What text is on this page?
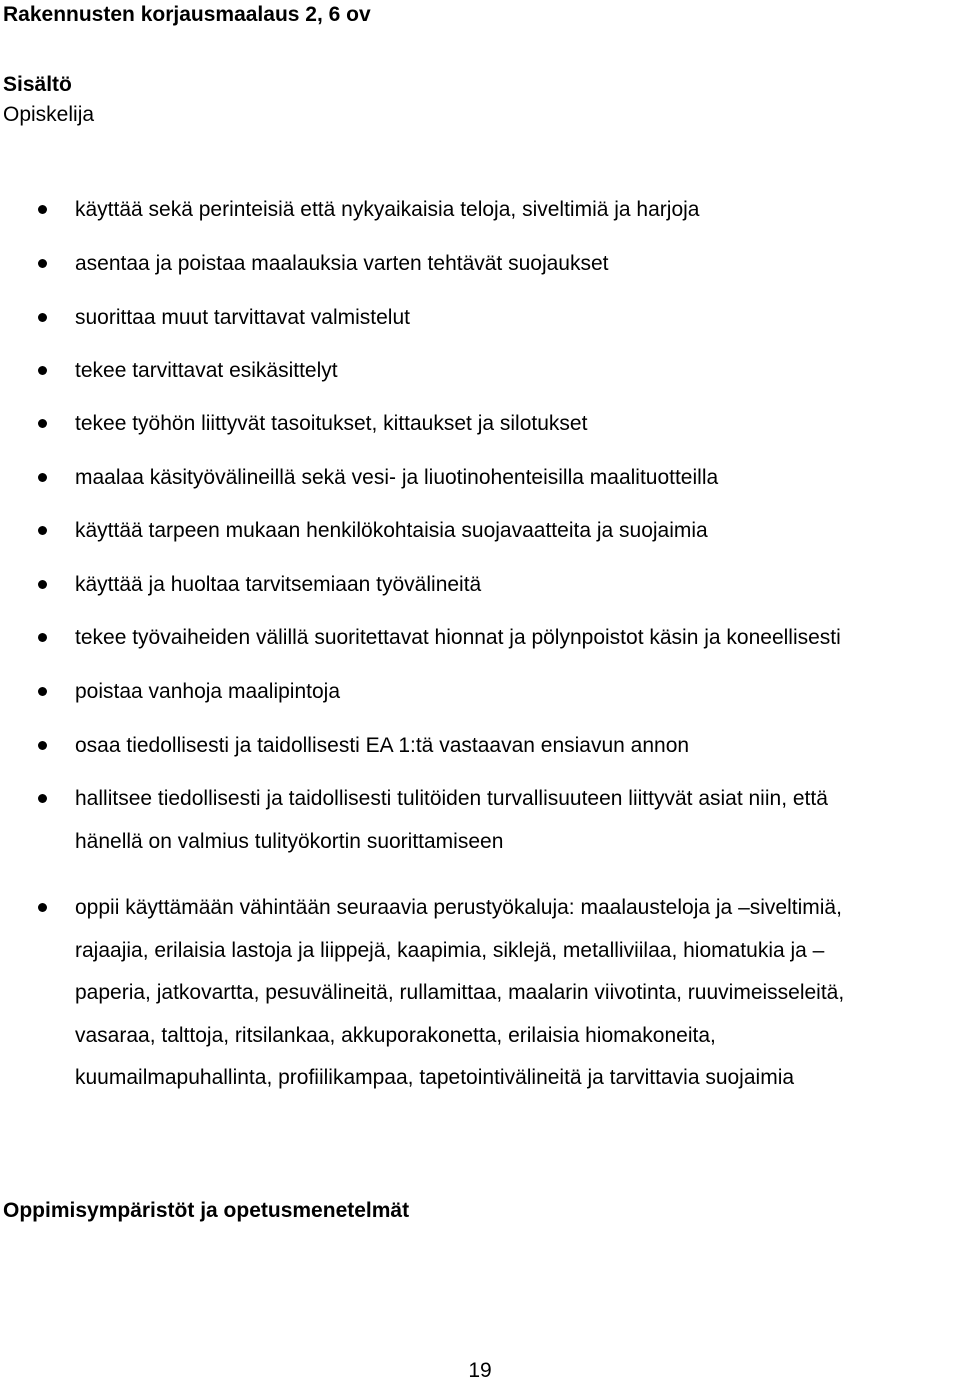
Rakennusten korjausmaalaus 2, 6 ov
Sisältö

Opiskelija

käyttää sekä perinteisiä että nykyaikaisia teloja, siveltimiä ja harjoja
asentaa ja poistaa maalauksia varten tehtävät suojaukset
suorittaa muut tarvittavat valmistelut
tekee tarvittavat esikäsittelyt
tekee työhön liittyvät tasoitukset, kittaukset ja silotukset
maalaa käsityövälineillä sekä vesi- ja liuotinohenteisilla maalituotteilla
käyttää tarpeen mukaan henkilökohtaisia suojavaatteita ja suojaimia
käyttää ja huoltaa tarvitsemiaan työvälineitä
tekee työvaiheiden välillä suoritettavat hionnat ja pölynpoistot käsin ja koneellisesti
poistaa vanhoja maalipintoja
osaa tiedollisesti ja taidollisesti EA 1:tä vastaavan ensiavun annon
hallitsee tiedollisesti ja taidollisesti tulitöiden turvallisuuteen liittyvät asiat niin, että
hänellä on valmius tulityökortin suorittamiseen
oppii käyttämään vähintään seuraavia perustyökaluja: maalausteloja ja –siveltimiä,
rajaajia, erilaisia lastoja ja liippejä, kaapimia, siklejä, metalliviilaa, hiomatukia ja –
paperia, jatkovartta, pesuvälineitä, rullamittaa, maalarin viivotinta, ruuvimeisseleitä,
vasaraa, talttoja, ritsilankaa, akkuporakonetta, erilaisia hiomakoneita,
kuumailmapuhallinta, profiilikampaa, tapetointivälineitä ja tarvittavia suojaimia
Oppimisympäristöt ja opetusmenetelmät

19
